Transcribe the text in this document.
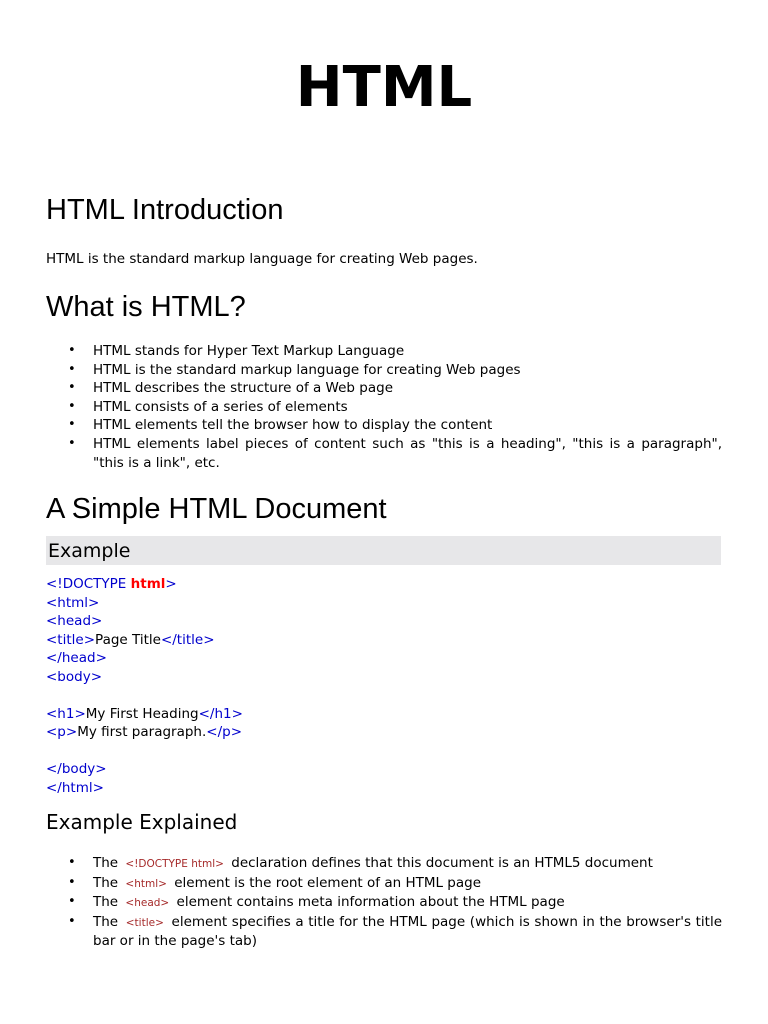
HTML
HTML Introduction

HTML is the standard markup language for creating Web pages.

What is HTML?
• HTML stands for Hyper Text Markup Language
• HTML is the standard markup language for creating Web pages
• HTML describes the structure of a Web page
• HTML consists of a series of elements
• HTML elements tell the browser how to display the content
• HTML elements label pieces of content such as "this is a heading", "this is a paragraph", "this is a link", etc.
A Simple HTML Document
Example
<!DOCTYPE html>
<html>
<head>
<title>Page Title</title>
</head>
<body>

<h1>My First Heading</h1>
<p>My first paragraph.</p>

</body>
</html>
Example Explained
• The <!DOCTYPE html> declaration defines that this document is an HTML5 document
• The <html> element is the root element of an HTML page
• The <head> element contains meta information about the HTML page
• The <title> element specifies a title for the HTML page (which is shown in the browser's title bar or in the page's tab)
